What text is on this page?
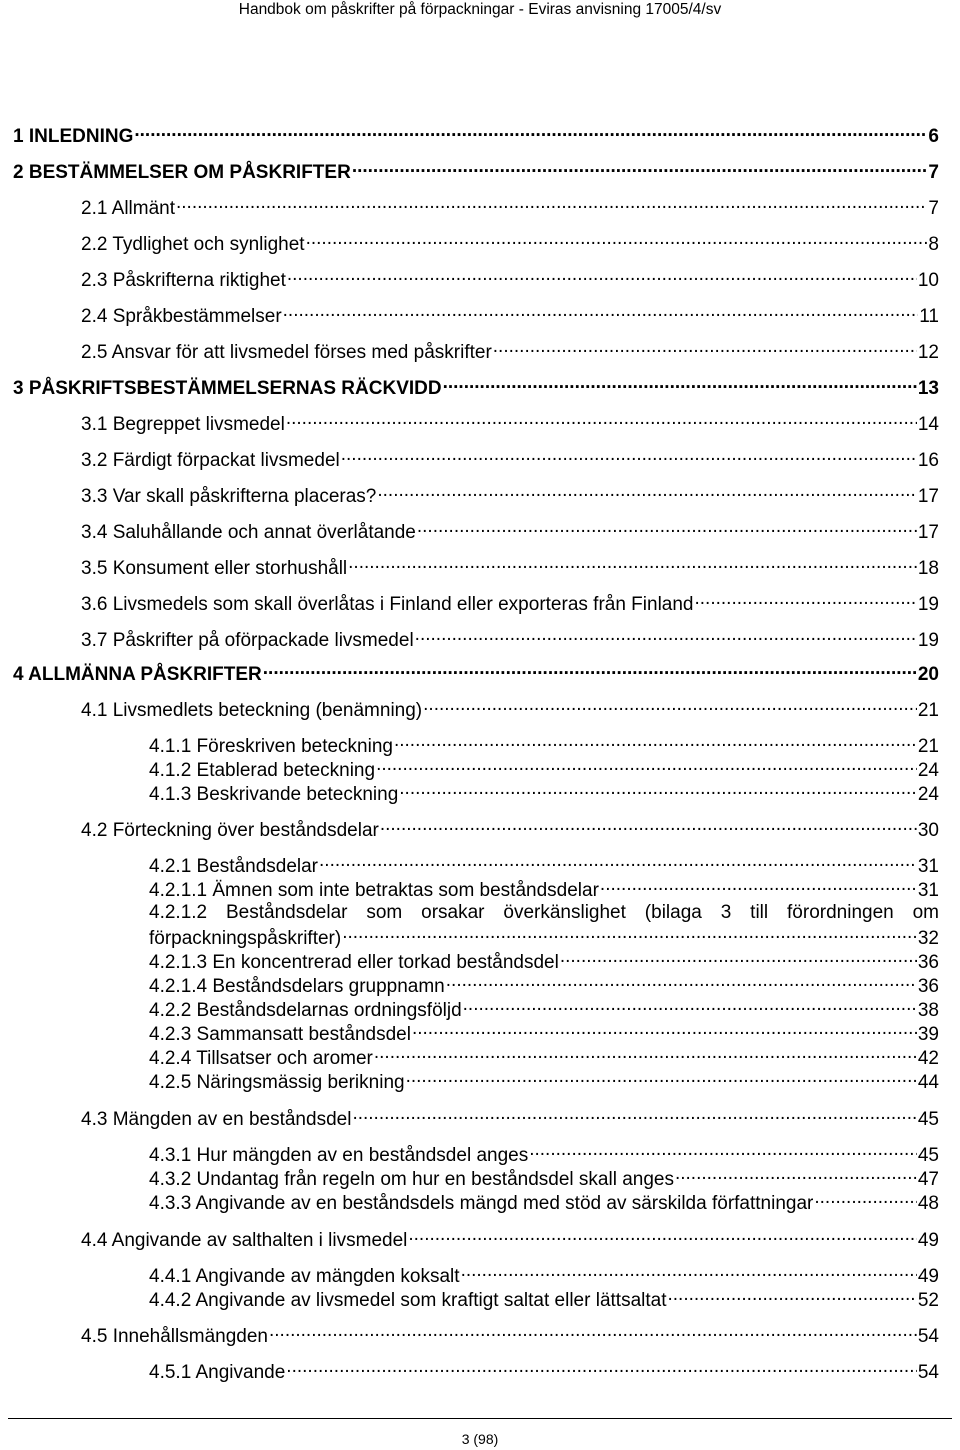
Handbok om påskrifter på förpackningar - Eviras anvisning 17005/4/sv
1 INLEDNING .....	6
2 BESTÄMMELSER OM PÅSKRIFTER .....	7
2.1 Allmänt .....	7
2.2 Tydlighet och synlighet .....	8
2.3 Påskrifterna riktighet .....	10
2.4 Språkbestämmelser .....	11
2.5 Ansvar för att livsmedel förses med påskrifter .....	12
3 PÅSKRIFTSBESTÄMMELSERNAS RÄCKVIDD .....	13
3.1 Begreppet livsmedel .....	14
3.2 Färdigt förpackat livsmedel .....	16
3.3 Var skall påskrifterna placeras? .....	17
3.4 Saluhållande och annat överlåtande .....	17
3.5 Konsument eller storhushåll .....	18
3.6 Livsmedels som skall överlåtas i Finland eller exporteras från Finland .....	19
3.7 Påskrifter på oförpackade livsmedel .....	19
4 ALLMÄNNA PÅSKRIFTER .....	20
4.1 Livsmedlets beteckning (benämning) .....	21
4.1.1 Föreskriven beteckning .....	21
4.1.2 Etablerad beteckning .....	24
4.1.3 Beskrivande beteckning .....	24
4.2 Förteckning över beståndsdelar .....	30
4.2.1 Beståndsdelar .....	31
4.2.1.1 Ämnen som inte betraktas som beståndsdelar .....	31
4.2.1.2 Beståndsdelar som orsakar överkänslighet (bilaga 3 till förordningen om
förpackningspåskrifter) .....	32
4.2.1.3 En koncentrerad eller torkad beståndsdel .....	36
4.2.1.4 Beståndsdelars gruppnamn .....	36
4.2.2 Beståndsdelarnas ordningsföljd .....	38
4.2.3 Sammansatt beståndsdel .....	39
4.2.4 Tillsatser och aromer .....	42
4.2.5 Näringsmässig berikning .....	44
4.3 Mängden av en beståndsdel .....	45
4.3.1 Hur mängden av en beståndsdel anges .....	45
4.3.2 Undantag från regeln om hur en beståndsdel skall anges .....	47
4.3.3 Angivande av en beståndsdels mängd med stöd av särskilda författningar .....	48
4.4 Angivande av salthalten i livsmedel .....	49
4.4.1 Angivande av mängden koksalt .....	49
4.4.2 Angivande av livsmedel som kraftigt saltat eller lättsaltat .....	52
4.5 Innehållsmängden .....	54
4.5.1 Angivande .....	54
3 (98)
